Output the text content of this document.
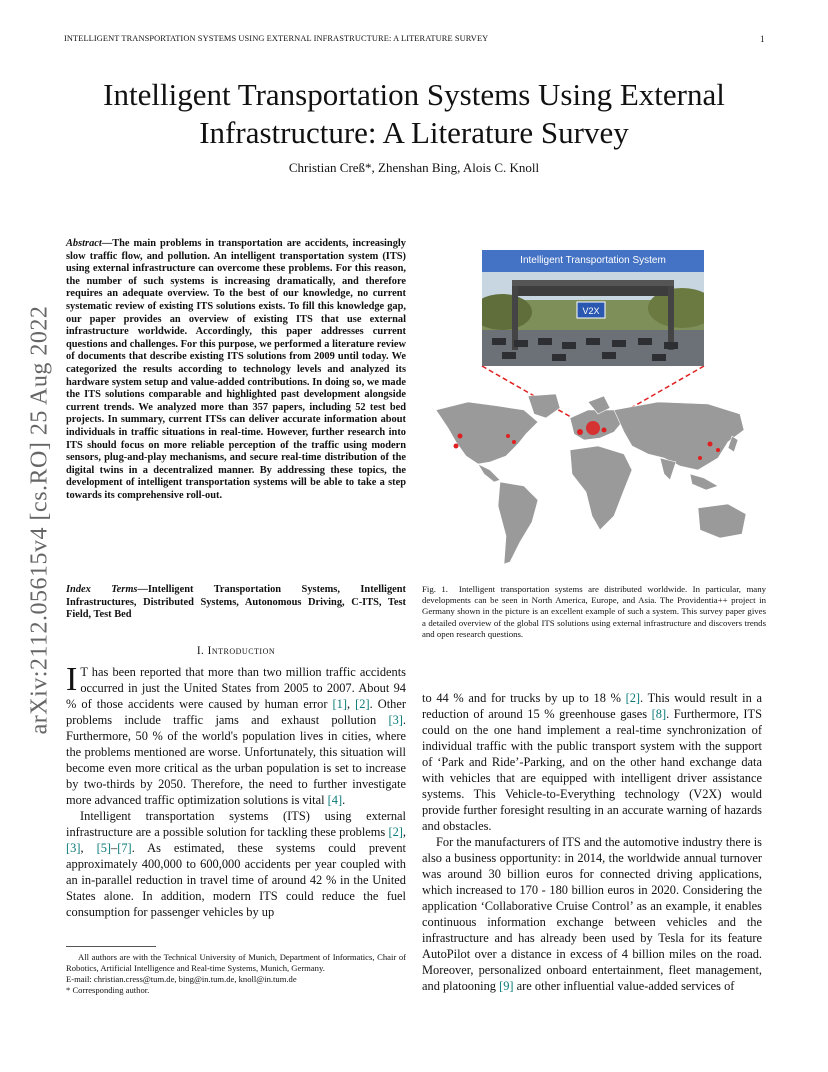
INTELLIGENT TRANSPORTATION SYSTEMS USING EXTERNAL INFRASTRUCTURE: A LITERATURE SURVEY	1
arXiv:2112.05615v4 [cs.RO] 25 Aug 2022
Intelligent Transportation Systems Using External
Infrastructure: A Literature Survey
Christian Creß*, Zhenshan Bing, Alois C. Knoll
Abstract—The main problems in transportation are accidents, increasingly slow traffic flow, and pollution. An intelligent transportation system (ITS) using external infrastructure can overcome these problems. For this reason, the number of such systems is increasing dramatically, and therefore requires an adequate overview. To the best of our knowledge, no current systematic review of existing ITS solutions exists. To fill this knowledge gap, our paper provides an overview of existing ITS that use external infrastructure worldwide. Accordingly, this paper addresses current questions and challenges. For this purpose, we performed a literature review of documents that describe existing ITS solutions from 2009 until today. We categorized the results according to technology levels and analyzed its hardware system setup and value-added contributions. In doing so, we made the ITS solutions comparable and highlighted past development alongside current trends. We analyzed more than 357 papers, including 52 test bed projects. In summary, current ITSs can deliver accurate information about individuals in traffic situations in real-time. However, further research into ITS should focus on more reliable perception of the traffic using modern sensors, plug-and-play mechanisms, and secure real-time distribution of the digital twins in a decentralized manner. By addressing these topics, the development of intelligent transportation systems will be able to take a step towards its comprehensive roll-out.
Index Terms—Intelligent Transportation Systems, Intelligent Infrastructures, Distributed Systems, Autonomous Driving, C-ITS, Test Field, Test Bed
I. Introduction

I T has been reported that more than two million traffic accidents occurred in just the United States from 2005 to 2007. About 94 % of those accidents were caused by human error [1], [2]. Other problems include traffic jams and exhaust pollution [3]. Furthermore, 50 % of the world's population lives in cities, where the problems mentioned are worse. Unfortunately, this situation will become even more critical as the urban population is set to increase by two-thirds by 2050. Therefore, the need to further investigate more advanced traffic optimization solutions is vital [4].

Intelligent transportation systems (ITS) using external infrastructure are a possible solution for tackling these problems [2], [3], [5]–[7]. As estimated, these systems could prevent approximately 400,000 to 600,000 accidents per year coupled with an in-parallel reduction in travel time of around 42 % in the United States alone. In addition, modern ITS could reduce the fuel consumption for passenger vehicles by up

All authors are with the Technical University of Munich, Department of Informatics, Chair of Robotics, Artificial Intelligence and Real-time Systems, Munich, Germany.
E-mail: christian.cress@tum.de, bing@in.tum.de, knoll@in.tum.de
* Corresponding author.
Intelligent Transportation System
V2X
Fig. 1. Intelligent transportation systems are distributed worldwide. In particular, many developments can be seen in North America, Europe, and Asia. The Providentia++ project in Germany shown in the picture is an excellent example of such a system. This survey paper gives a detailed overview of the global ITS solutions using external infrastructure and discovers trends and open research questions.

to 44 % and for trucks by up to 18 % [2]. This would result in a reduction of around 15 % greenhouse gases [8]. Furthermore, ITS could on the one hand implement a real-time synchronization of individual traffic with the public transport system with the support of ‘Park and Ride’-Parking, and on the other hand exchange data with vehicles that are equipped with intelligent driver assistance systems. This Vehicle-to-Everything technology (V2X) would provide further foresight resulting in an accurate warning of hazards and obstacles.

For the manufacturers of ITS and the automotive industry there is also a business opportunity: in 2014, the worldwide annual turnover was around 30 billion euros for connected driving applications, which increased to 170 - 180 billion euros in 2020. Considering the application ‘Collaborative Cruise Control’ as an example, it enables continuous information exchange between vehicles and the infrastructure and has already been used by Tesla for its feature AutoPilot over a distance in excess of 4 billion miles on the road. Moreover, personalized onboard entertainment, fleet management, and platooning [9] are other influential value-added services of
